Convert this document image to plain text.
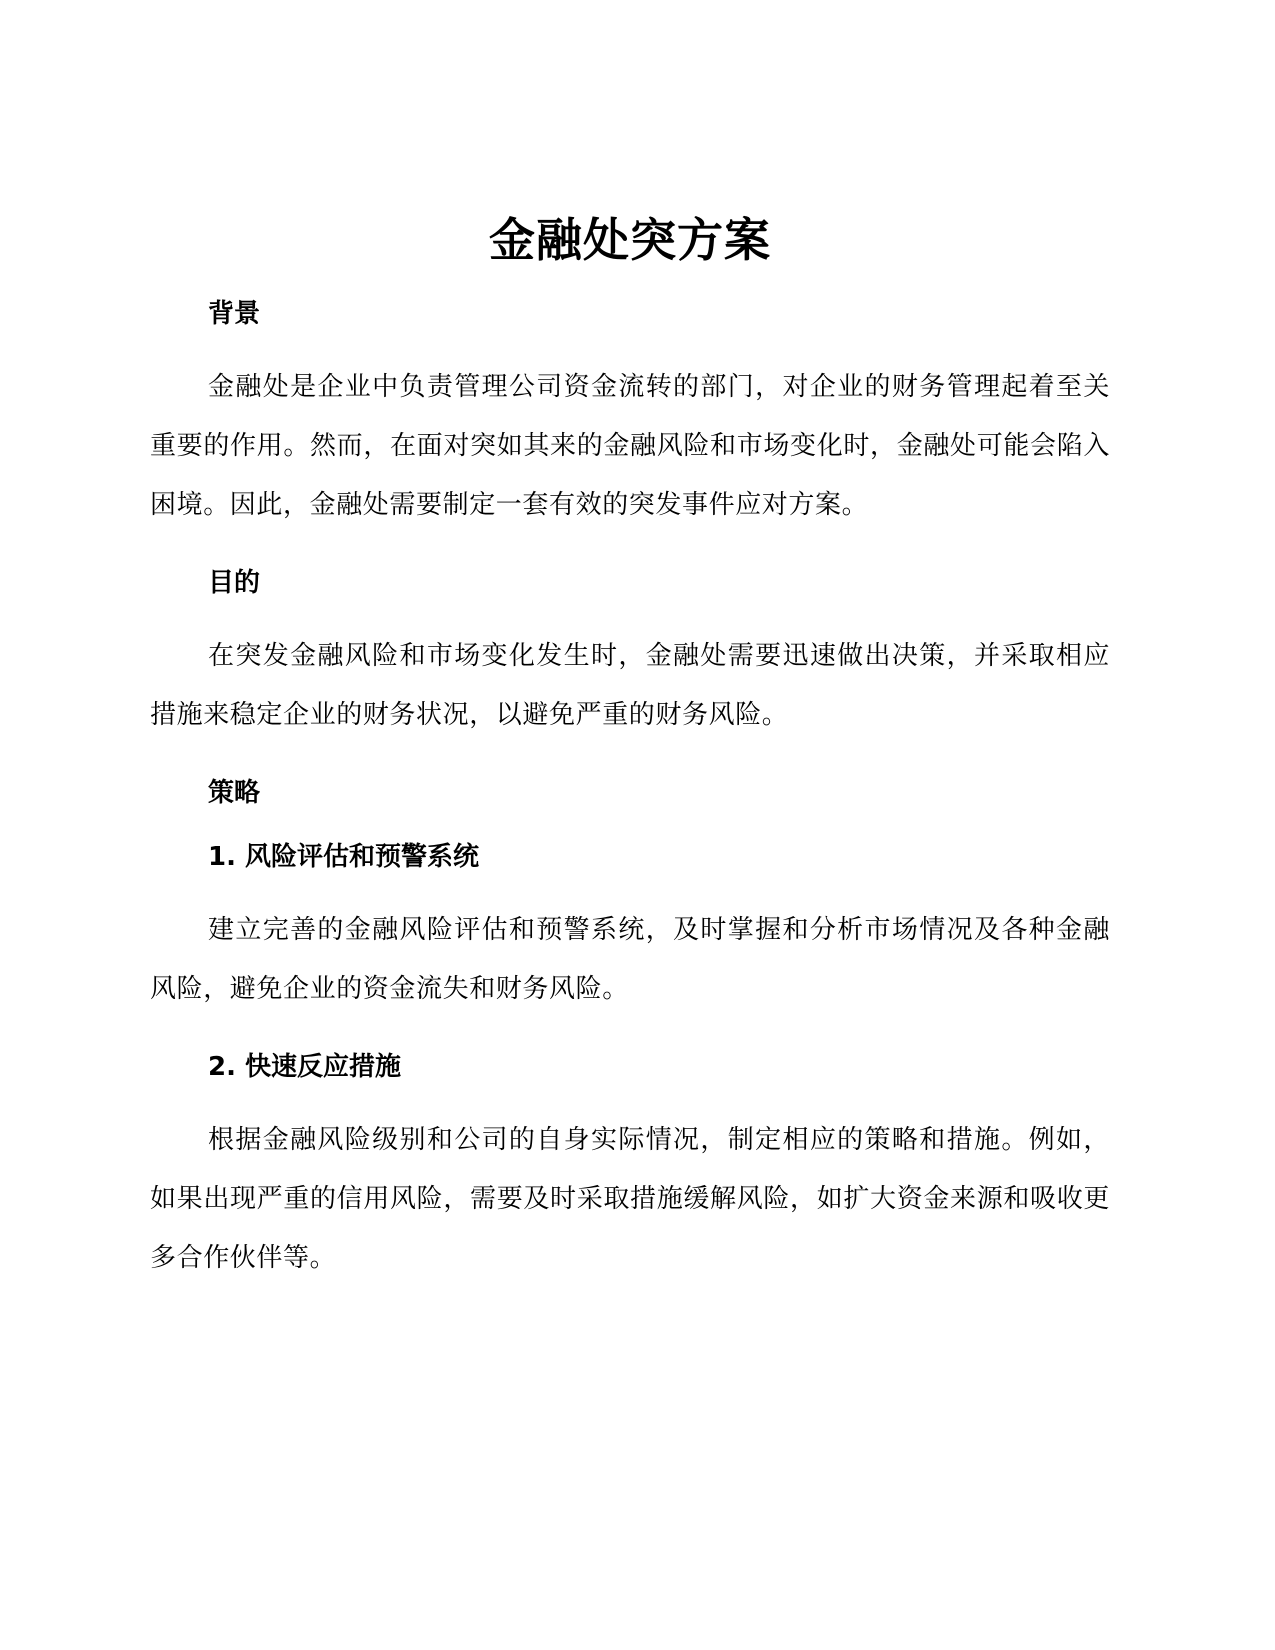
金融处突方案
背景

金融处是企业中负责管理公司资金流转的部门，对企业的财务管理起着至关重要的作用。然而，在面对突如其来的金融风险和市场变化时，金融处可能会陷入困境。因此，金融处需要制定一套有效的突发事件应对方案。

目的

在突发金融风险和市场变化发生时，金融处需要迅速做出决策，并采取相应措施来稳定企业的财务状况，以避免严重的财务风险。

策略
1. 风险评估和预警系统

建立完善的金融风险评估和预警系统，及时掌握和分析市场情况及各种金融风险，避免企业的资金流失和财务风险。

2. 快速反应措施

根据金融风险级别和公司的自身实际情况，制定相应的策略和措施。例如，如果出现严重的信用风险，需要及时采取措施缓解风险，如扩大资金来源和吸收更多合作伙伴等。
